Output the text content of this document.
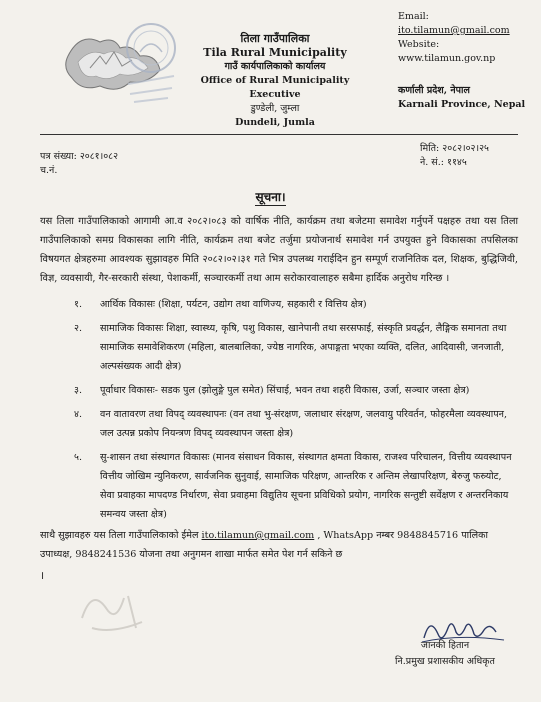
तिला गाउँपालिका
Tila Rural Municipality
गाउँ कार्यपालिकाको कार्यालय
Office of Rural Municipality Executive
डुण्डेली, जुम्ला
Dundeli, Jumla
Email: ito.tilamun@gmail.com
Website: www.tilamun.gov.np
कर्णाली प्रदेश, नेपाल
Karnali Province, Nepal
पत्र संख्या: २०८१।०८२
च.नं.
मिति: २०८२।०२।२५
ने. सं.: ११४५
सूचना।
यस तिला गाउँपालिकाको आगामी आ.व २०८२।०८३ को वार्षिक नीति, कार्यक्रम तथा बजेटमा समावेश गर्नुपर्ने पक्षहरु तथा यस तिला गाउँपालिकाको समग्र विकासका लागि नीति, कार्यक्रम तथा बजेट तर्जुमा प्रयोजनार्थ समावेश गर्न उपयुक्त हुने विकासका तपसिलका विषयगत क्षेत्रहरुमा आवश्यक सुझावहरु मिति २०८२।०२।३१ गते भित्र उपलब्ध गराईदिन हुन सम्पूर्ण राजनितिक दल, शिक्षक, बुद्धिजिवी, विज्ञ, व्यवसायी, गैर-सरकारी संस्था, पेशाकर्मी, सञ्चारकर्मी तथा आम सरोकारवालाहरु सबैमा हार्दिक अनुरोध गरिन्छ ।
१.	आर्थिक विकासः (शिक्षा, पर्यटन, उद्योग तथा वाणिज्य, सहकारी र वित्तिय क्षेत्र)
२.	सामाजिक विकासः शिक्षा, स्वास्थ्य, कृषि, पशु विकास, खानेपानी तथा सरसफाई, संस्कृति प्रवर्द्धन, लैङ्गिक समानता तथा सामाजिक समावेशिकरण (महिला, बालबालिका, ज्येष्ठ नागरिक, अपाङ्गता भएका व्यक्ति, दलित, आदिवासी, जनजाती, अल्पसंख्यक आदी क्षेत्र)
३.	पूर्वाधार विकासः- सडक पुल (झोलुङ्गे पुल समेत) सिंचाई, भवन तथा शहरी विकास, उर्जा, सञ्चार जस्ता क्षेत्र)
४.	वन वातावरण तथा विपद् व्यवस्थापनः (वन तथा भु-संरक्षण, जलाधार संरक्षण, जलवायु परिवर्तन, फोहरमैला व्यवस्थापन, जल उत्पन्न प्रकोप नियन्त्रण विपद् व्यवस्थापन जस्ता क्षेत्र)
५.	सु-शासन तथा संस्थागत विकासः (मानव संसाधन विकास, संस्थागत क्षमता विकास, राजश्व परिचालन, वित्तीय व्यवस्थापन वित्तीय जोखिम न्युनिकरण, सार्वजनिक सुनुवाई, सामाजिक परिक्षण, आन्तरिक र अन्तिम लेखापरिक्षण, बेरुजु फस्र्याेट, सेवा प्रवाहका मापदण्ड निर्धारण, सेवा प्रवाहमा विद्युतिय सूचना प्रविधिको प्रयोग, नागरिक सन्तुष्टी सर्वेक्षण र अन्तरनिकाय समन्वय जस्ता क्षेत्र)
साथै सुझावहरु यस तिला गाउँपालिकाको ईमेल ito.tilamun@gmail.com , WhatsApp नम्बर 9848845716 पालिका उपाध्यक्ष, 9848241536 योजना तथा अनुगमन शाखा मार्फत समेत पेश गर्न सकिने छ
।
जानकी हितान
नि.प्रमुख प्रशासकीय अधिकृत
